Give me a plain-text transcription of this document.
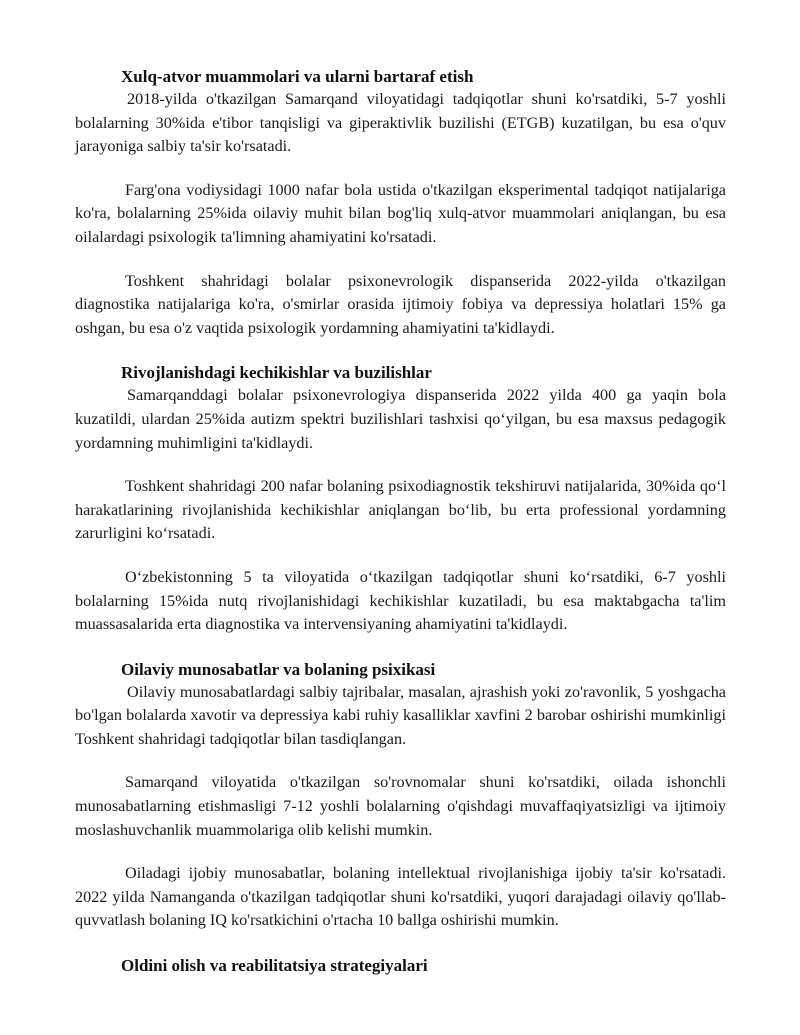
Xulq-atvor muammolari va ularni bartaraf etish

2018-yilda o'tkazilgan Samarqand viloyatidagi tadqiqotlar shuni ko'rsatdiki, 5-7 yoshli bolalarning 30%ida e'tibor tanqisligi va giperaktivlik buzilishi (ETGB) kuzatilgan, bu esa o'quv jarayoniga salbiy ta'sir ko'rsatadi.

Farg'ona vodiysidagi 1000 nafar bola ustida o'tkazilgan eksperimental tadqiqot natijalariga ko'ra, bolalarning 25%ida oilaviy muhit bilan bog'liq xulq-atvor muammolari aniqlangan, bu esa oilalardagi psixologik ta'limning ahamiyatini ko'rsatadi.

Toshkent shahridagi bolalar psixonevrologik dispanserida 2022-yilda o'tkazilgan diagnostika natijalariga ko'ra, o'smirlar orasida ijtimoiy fobiya va depressiya holatlari 15% ga oshgan, bu esa o'z vaqtida psixologik yordamning ahamiyatini ta'kidlaydi.

Rivojlanishdagi kechikishlar va buzilishlar

Samarqanddagi bolalar psixonevrologiya dispanserida 2022 yilda 400 ga yaqin bola kuzatildi, ulardan 25%ida autizm spektri buzilishlari tashxisi qo‘yilgan, bu esa maxsus pedagogik yordamning muhimligini ta'kidlaydi.

Toshkent shahridagi 200 nafar bolaning psixodiagnostik tekshiruvi natijalarida, 30%ida qo‘l harakatlarining rivojlanishida kechikishlar aniqlangan bo‘lib, bu erta professional yordamning zarurligini ko‘rsatadi.

O‘zbekistonning 5 ta viloyatida o‘tkazilgan tadqiqotlar shuni ko‘rsatdiki, 6-7 yoshli bolalarning 15%ida nutq rivojlanishidagi kechikishlar kuzatiladi, bu esa maktabgacha ta'lim muassasalarida erta diagnostika va intervensiyaning ahamiyatini ta'kidlaydi.

Oilaviy munosabatlar va bolaning psixikasi

Oilaviy munosabatlardagi salbiy tajribalar, masalan, ajrashish yoki zo'ravonlik, 5 yoshgacha bo'lgan bolalarda xavotir va depressiya kabi ruhiy kasalliklar xavfini 2 barobar oshirishi mumkinligi Toshkent shahridagi tadqiqotlar bilan tasdiqlangan.

Samarqand viloyatida o'tkazilgan so'rovnomalar shuni ko'rsatdiki, oilada ishonchli munosabatlarning etishmasligi 7-12 yoshli bolalarning o'qishdagi muvaffaqiyatsizligi va ijtimoiy moslashuvchanlik muammolariga olib kelishi mumkin.

Oiladagi ijobiy munosabatlar, bolaning intellektual rivojlanishiga ijobiy ta'sir ko'rsatadi. 2022 yilda Namanganda o'tkazilgan tadqiqotlar shuni ko'rsatdiki, yuqori darajadagi oilaviy qo'llab-quvvatlash bolaning IQ ko'rsatkichini o'rtacha 10 ballga oshirishi mumkin.

Oldini olish va reabilitatsiya strategiyalari
